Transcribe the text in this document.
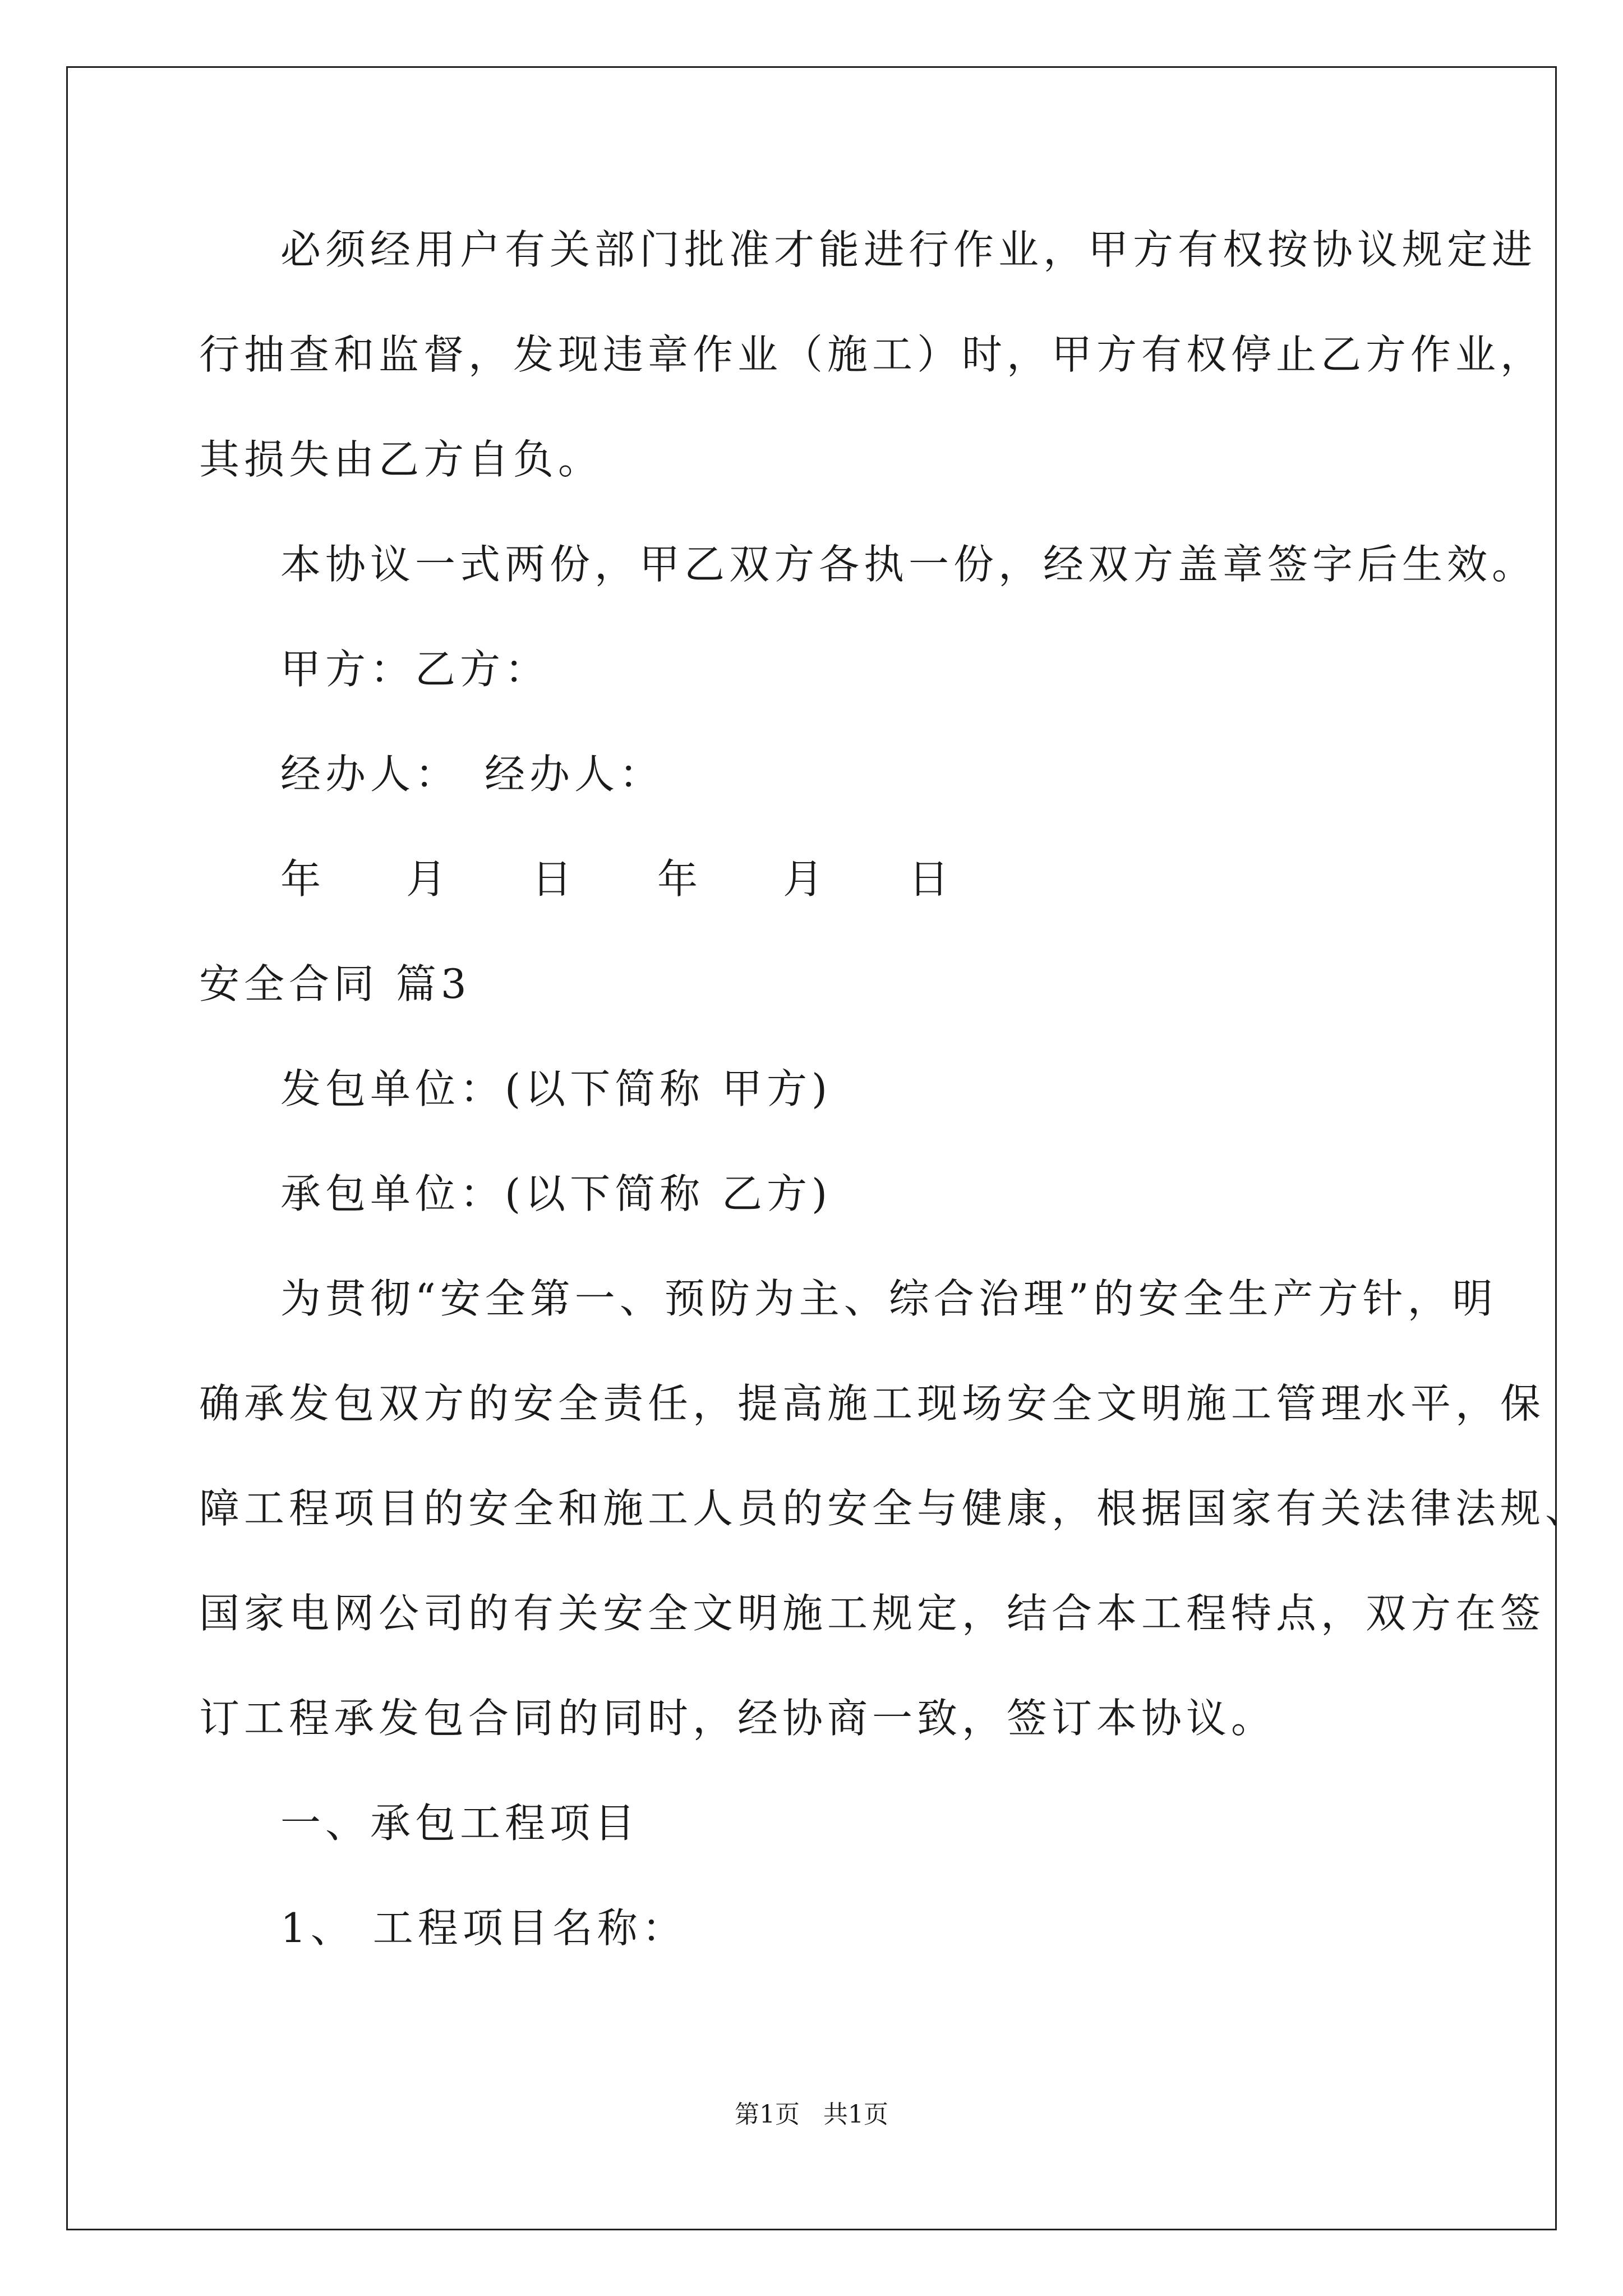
必须经用户有关部门批准才能进行作业，甲方有权按协议规定进
行抽查和监督，发现违章作业（施工）时，甲方有权停止乙方作业，
其损失由乙方自负。
本协议一式两份，甲乙双方各执一份，经双方盖章签字后生效。
甲方：乙方：
经办人：　经办人：
年　月　日　年　月　日
安全合同 篇3
发包单位：(以下简称 甲方)
承包单位：(以下简称 乙方)
为贯彻“安全第一、预防为主、综合治理”的安全生产方针，明
确承发包双方的安全责任，提高施工现场安全文明施工管理水平，保
障工程项目的安全和施工人员的安全与健康，根据国家有关法律法规、
国家电网公司的有关安全文明施工规定，结合本工程特点，双方在签
订工程承发包合同的同时，经协商一致，签订本协议。
一、承包工程项目
1、 工程项目名称：
第1页 共1页
